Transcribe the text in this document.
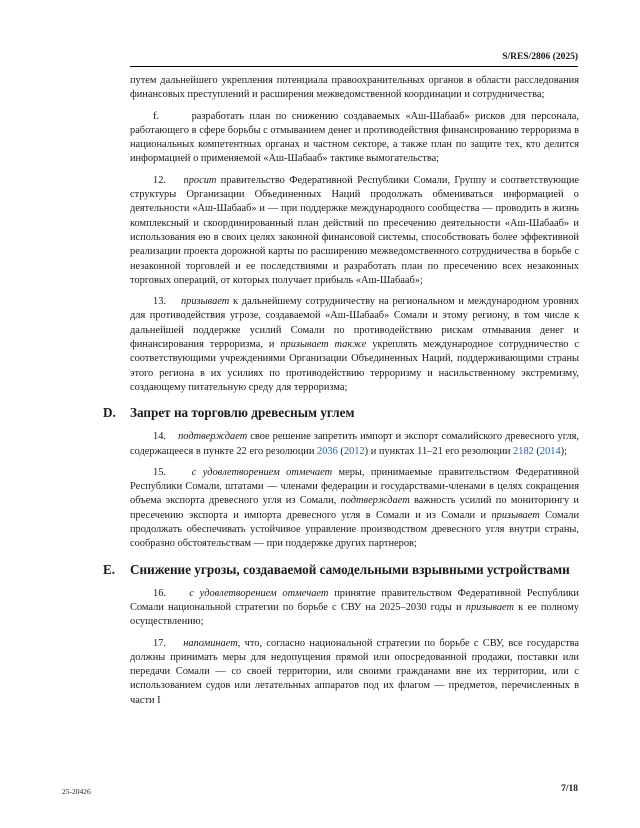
S/RES/2806 (2025)

путем дальнейшего укрепления потенциала правоохранительных органов в области расследования финансовых преступлений и расширения межведомственной координации и сотрудничества;

f.	разработать план по снижению создаваемых «Аш-Шабааб» рисков для персонала, работающего в сфере борьбы с отмыванием денег и противодействия финансированию терроризма в национальных компетентных органах и частном секторе, а также план по защите тех, кто делится информацией о применяемой «Аш-Шабааб» тактике вымогательства;

12. просит правительство Федеративной Республики Сомали, Группу и соответствующие структуры Организации Объединенных Наций продолжать обмениваться информацией о деятельности «Аш-Шабааб» и — при поддержке международного сообщества — проводить в жизнь комплексный и скоординированный план действий по пресечению деятельности «Аш-Шабааб» и использования ею в своих целях законной финансовой системы, способствовать более эффективной реализации проекта дорожной карты по расширению межведомственного сотрудничества в борьбе с незаконной торговлей и ее последствиями и разработать план по пресечению всех незаконных торговых операций, от которых получает прибыль «Аш-Шабааб»;

13. призывает к дальнейшему сотрудничеству на региональном и международном уровнях для противодействия угрозе, создаваемой «Аш-Шабааб» Сомали и этому региону, в том числе к дальнейшей поддержке усилий Сомали по противодействию рискам отмывания денег и финансирования терроризма, и призывает также укреплять международное сотрудничество с соответствующими учреждениями Организации Объединенных Наций, поддерживающими страны этого региона в их усилиях по противодействию терроризму и насильственному экстремизму, создающему питательную среду для терроризма;

D.	Запрет на торговлю древесным углем

14. подтверждает свое решение запретить импорт и экспорт сомалийского древесного угля, содержащееся в пункте 22 его резолюции 2036 (2012) и пунктах 11–21 его резолюции 2182 (2014);

15. с удовлетворением отмечает меры, принимаемые правительством Федеративной Республики Сомали, штатами — членами федерации и государствами-членами в целях сокращения объема экспорта древесного угля из Сомали, подтверждает важность усилий по мониторингу и пресечению экспорта и импорта древесного угля в Сомали и из Сомали и призывает Сомали продолжать обеспечивать устойчивое управление производством древесного угля внутри страны, сообразно обстоятельствам — при поддержке других партнеров;

E.	Снижение угрозы, создаваемой самодельными взрывными устройствами

16. с удовлетворением отмечает принятие правительством Федеративной Республики Сомали национальной стратегии по борьбе с СВУ на 2025–2030 годы и призывает к ее полному осуществлению;

17. напоминает, что, согласно национальной стратегии по борьбе с СВУ, все государства должны принимать меры для недопущения прямой или опосредованной продажи, поставки или передачи Сомали — со своей территории, или своими гражданами вне их территории, или с использованием судов или летательных аппаратов под их флагом — предметов, перечисленных в части I

25-20426	7/18
